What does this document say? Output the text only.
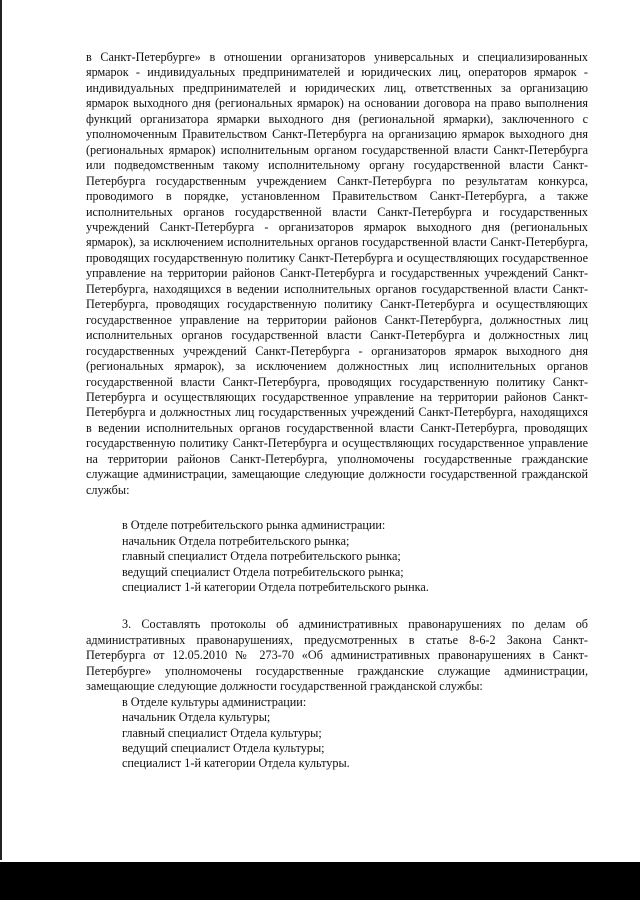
в Санкт-Петербурге» в отношении организаторов универсальных и специализированных ярмарок - индивидуальных предпринимателей и юридических лиц, операторов ярмарок - индивидуальных предпринимателей и юридических лиц, ответственных за организацию ярмарок выходного дня (региональных ярмарок) на основании договора на право выполнения функций организатора ярмарки выходного дня (региональной ярмарки), заключенного с уполномоченным Правительством Санкт-Петербурга на организацию ярмарок выходного дня (региональных ярмарок) исполнительным органом государственной власти Санкт-Петербурга или подведомственным такому исполнительному органу государственной власти Санкт-Петербурга государственным учреждением Санкт-Петербурга по результатам конкурса, проводимого в порядке, установленном Правительством Санкт-Петербурга, а также исполнительных органов государственной власти Санкт-Петербурга и государственных учреждений Санкт-Петербурга - организаторов ярмарок выходного дня (региональных ярмарок), за исключением исполнительных органов государственной власти Санкт-Петербурга, проводящих государственную политику Санкт-Петербурга и осуществляющих государственное управление на территории районов Санкт-Петербурга и государственных учреждений Санкт-Петербурга, находящихся в ведении исполнительных органов государственной власти Санкт-Петербурга, проводящих государственную политику Санкт-Петербурга и осуществляющих государственное управление на территории районов Санкт-Петербурга, должностных лиц исполнительных органов государственной власти Санкт-Петербурга и должностных лиц государственных учреждений Санкт-Петербурга - организаторов ярмарок выходного дня (региональных ярмарок), за исключением должностных лиц исполнительных органов государственной власти Санкт-Петербурга, проводящих государственную политику Санкт-Петербурга и осуществляющих государственное управление на территории районов Санкт-Петербурга и должностных лиц государственных учреждений Санкт-Петербурга, находящихся в ведении исполнительных органов государственной власти Санкт-Петербурга, проводящих государственную политику Санкт-Петербурга и осуществляющих государственное управление на территории районов Санкт-Петербурга, уполномочены государственные гражданские служащие администрации, замещающие следующие должности государственной гражданской службы:

в Отделе потребительского рынка администрации:
начальник Отдела потребительского рынка;
главный специалист Отдела потребительского рынка;
ведущий специалист Отдела потребительского рынка;
специалист 1-й категории Отдела потребительского рынка.

3. Составлять протоколы об административных правонарушениях по делам об административных правонарушениях, предусмотренных в статье 8-6-2 Закона Санкт-Петербурга от 12.05.2010 № 273-70 «Об административных правонарушениях в Санкт-Петербурге» уполномочены государственные гражданские служащие администрации, замещающие следующие должности государственной гражданской службы:

в Отделе культуры администрации:
начальник Отдела культуры;
главный специалист Отдела культуры;
ведущий специалист Отдела культуры;
специалист 1-й категории Отдела культуры.
